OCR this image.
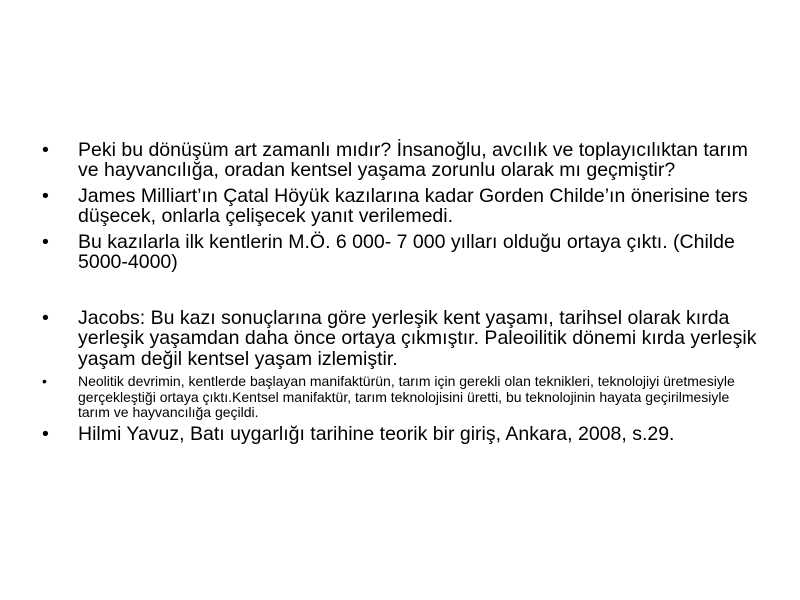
• Peki bu dönüşüm art zamanlı mıdır? İnsanoğlu, avcılık ve toplayıcılıktan tarım ve hayvancılığa, oradan kentsel yaşama zorunlu olarak mı geçmiştir?
• James Milliart’ın Çatal Höyük kazılarına kadar Gorden Childe’ın önerisine ters düşecek, onlarla çelişecek yanıt verilemedi.
• Bu kazılarla ilk kentlerin M.Ö. 6 000- 7 000 yılları olduğu ortaya çıktı. (Childe 5000-4000)
• Jacobs: Bu kazı sonuçlarına göre yerleşik kent yaşamı, tarihsel olarak kırda yerleşik yaşamdan daha önce ortaya çıkmıştır. Paleoilitik dönemi kırda yerleşik yaşam değil kentsel yaşam izlemiştir.
• Neolitik devrimin, kentlerde başlayan manifaktürün, tarım için gerekli olan teknikleri, teknolojiyi üretmesiyle gerçekleştiği ortaya çıktı.Kentsel manifaktür, tarım teknolojisini üretti, bu teknolojinin hayata geçirilmesiyle tarım ve hayvancılığa geçildi.
• Hilmi Yavuz, Batı uygarlığı tarihine teorik bir giriş, Ankara, 2008, s.29.
